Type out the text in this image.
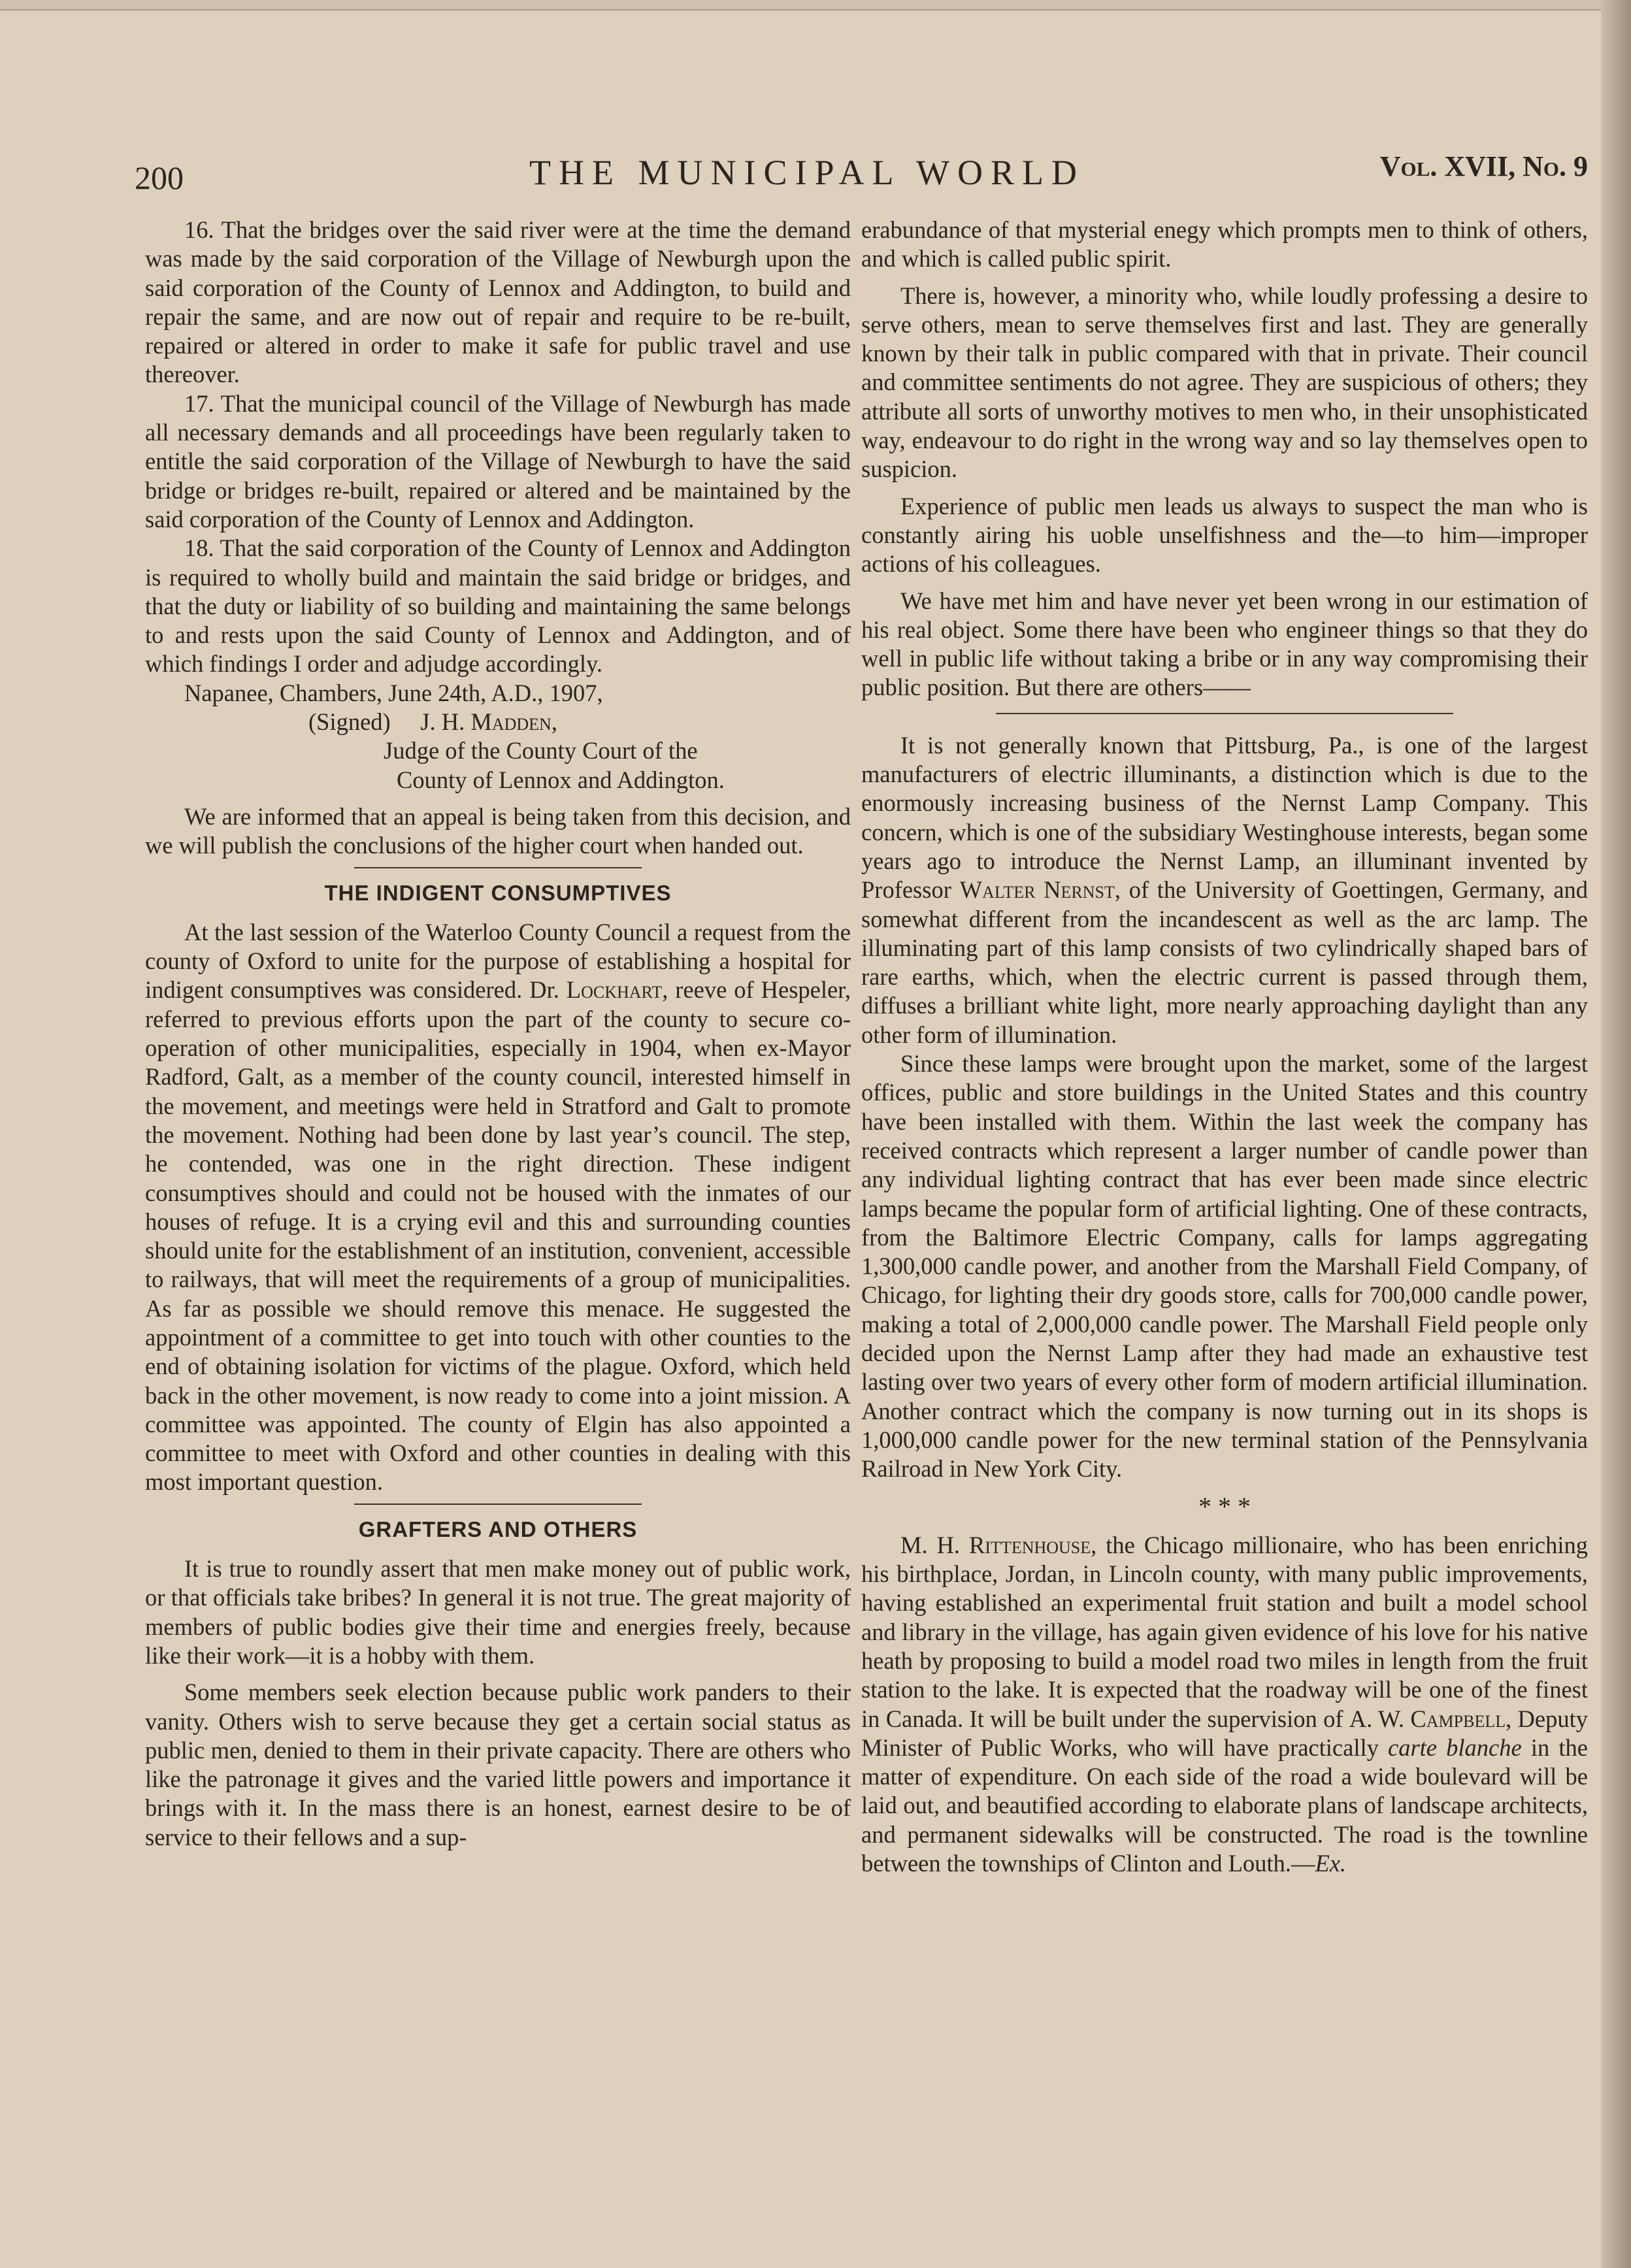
200	THE MUNICIPAL WORLD	Vol. XVII, No. 9

16. That the bridges over the said river were at the time the demand was made by the said corporation of the Village of Newburgh upon the said corporation of the County of Lennox and Addington, to build and repair the same, and are now out of repair and require to be re-built, repaired or altered in order to make it safe for public travel and use thereover.

17. That the municipal council of the Village of Newburgh has made all necessary demands and all proceedings have been regularly taken to entitle the said corporation of the Village of Newburgh to have the said bridge or bridges re-built, repaired or altered and be maintained by the said corporation of the County of Lennox and Addington.

18. That the said corporation of the County of Lennox and Addington is required to wholly build and maintain the said bridge or bridges, and that the duty or liability of so building and maintaining the same belongs to and rests upon the said County of Lennox and Addington, and of which findings I order and adjudge accordingly.

Napanee, Chambers, June 24th, A.D., 1907,

(Signed) J. H. Madden,

Judge of the County Court of the

County of Lennox and Addington.

We are informed that an appeal is being taken from this decision, and we will publish the conclusions of the higher court when handed out.

THE INDIGENT CONSUMPTIVES

At the last session of the Waterloo County Council a request from the county of Oxford to unite for the purpose of establishing a hospital for indigent consumptives was considered. Dr. Lockhart, reeve of Hespeler, referred to previous efforts upon the part of the county to secure co-operation of other municipalities, especially in 1904, when ex-Mayor Radford, Galt, as a member of the county council, interested himself in the movement, and meetings were held in Stratford and Galt to promote the movement. Nothing had been done by last year’s council. The step, he contended, was one in the right direction. These indigent consumptives should and could not be housed with the inmates of our houses of refuge. It is a crying evil and this and surrounding counties should unite for the establishment of an institution, convenient, accessible to railways, that will meet the requirements of a group of municipalities. As far as possible we should remove this menace. He suggested the appointment of a committee to get into touch with other counties to the end of obtaining isolation for victims of the plague. Oxford, which held back in the other movement, is now ready to come into a joint mission. A committee was appointed. The county of Elgin has also appointed a committee to meet with Oxford and other counties in dealing with this most important question.

GRAFTERS AND OTHERS

It is true to roundly assert that men make money out of public work, or that officials take bribes? In general it is not true. The great majority of members of public bodies give their time and energies freely, because like their work—it is a hobby with them.

Some members seek election because public work panders to their vanity. Others wish to serve because they get a certain social status as public men, denied to them in their private capacity. There are others who like the patronage it gives and the varied little powers and importance it brings with it. In the mass there is an honest, earnest desire to be of service to their fellows and a sup-

erabundance of that mysterial enegy which prompts men to think of others, and which is called public spirit.

There is, however, a minority who, while loudly professing a desire to serve others, mean to serve themselves first and last. They are generally known by their talk in public compared with that in private. Their council and committee sentiments do not agree. They are suspicious of others; they attribute all sorts of unworthy motives to men who, in their unsophisticated way, endeavour to do right in the wrong way and so lay themselves open to suspicion.

Experience of public men leads us always to suspect the man who is constantly airing his uoble unselfishness and the—to him—improper actions of his colleagues.

We have met him and have never yet been wrong in our estimation of his real object. Some there have been who engineer things so that they do well in public life without taking a bribe or in any way compromising their public position. But there are others——

It is not generally known that Pittsburg, Pa., is one of the largest manufacturers of electric illuminants, a distinction which is due to the enormously increasing business of the Nernst Lamp Company. This concern, which is one of the subsidiary Westinghouse interests, began some years ago to introduce the Nernst Lamp, an illuminant invented by Professor Walter Nernst, of the University of Goettingen, Germany, and somewhat different from the incandescent as well as the arc lamp. The illuminating part of this lamp consists of two cylindrically shaped bars of rare earths, which, when the electric current is passed through them, diffuses a brilliant white light, more nearly approaching daylight than any other form of illumination.

Since these lamps were brought upon the market, some of the largest offices, public and store buildings in the United States and this country have been installed with them. Within the last week the company has received contracts which represent a larger number of candle power than any individual lighting contract that has ever been made since electric lamps became the popular form of artificial lighting. One of these contracts, from the Baltimore Electric Company, calls for lamps aggregating 1,300,000 candle power, and another from the Marshall Field Company, of Chicago, for lighting their dry goods store, calls for 700,000 candle power, making a total of 2,000,000 candle power. The Marshall Field people only decided upon the Nernst Lamp after they had made an exhaustive test lasting over two years of every other form of modern artificial illumination. Another contract which the company is now turning out in its shops is 1,000,000 candle power for the new terminal station of the Pennsylvania Railroad in New York City.

* * *

M. H. Rittenhouse, the Chicago millionaire, who has been enriching his birthplace, Jordan, in Lincoln county, with many public improvements, having established an experimental fruit station and built a model school and library in the village, has again given evidence of his love for his native heath by proposing to build a model road two miles in length from the fruit station to the lake. It is expected that the roadway will be one of the finest in Canada. It will be built under the supervision of A. W. Campbell, Deputy Minister of Public Works, who will have practically carte blanche in the matter of expenditure. On each side of the road a wide boulevard will be laid out, and beautified according to elaborate plans of landscape architects, and permanent sidewalks will be constructed. The road is the townline between the townships of Clinton and Louth.—Ex.
